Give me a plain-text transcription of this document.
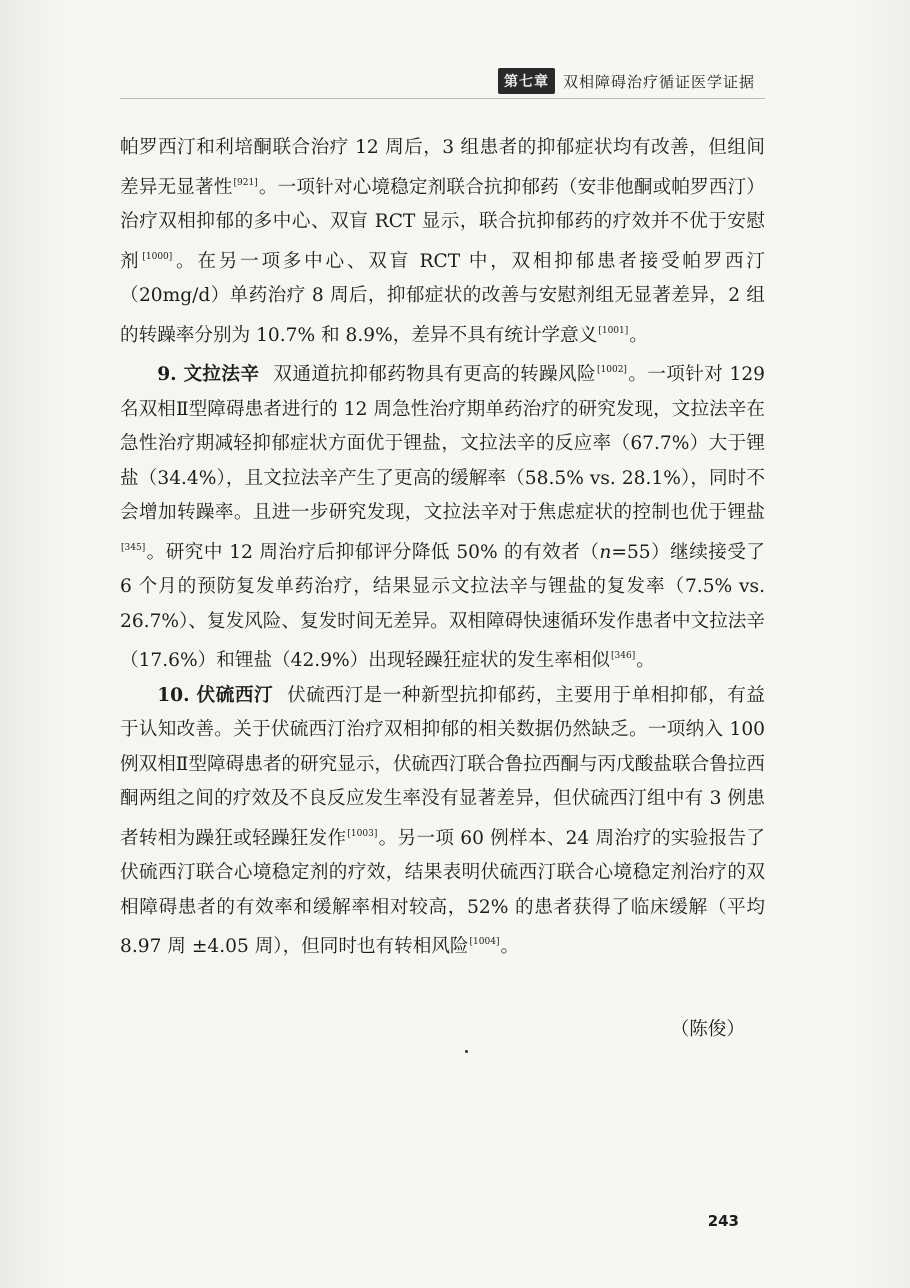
第七章 双相障碍治疗循证医学证据

帕罗西汀和利培酮联合治疗 12 周后，3 组患者的抑郁症状均有改善，但组间差异无显著性[921]。一项针对心境稳定剂联合抗抑郁药（安非他酮或帕罗西汀）治疗双相抑郁的多中心、双盲 RCT 显示，联合抗抑郁药的疗效并不优于安慰剂[1000]。在另一项多中心、双盲 RCT 中，双相抑郁患者接受帕罗西汀（20mg/d）单药治疗 8 周后，抑郁症状的改善与安慰剂组无显著差异，2 组的转躁率分别为 10.7% 和 8.9%，差异不具有统计学意义[1001]。

9. 文拉法辛 双通道抗抑郁药物具有更高的转躁风险[1002]。一项针对 129 名双相Ⅱ型障碍患者进行的 12 周急性治疗期单药治疗的研究发现，文拉法辛在急性治疗期减轻抑郁症状方面优于锂盐，文拉法辛的反应率（67.7%）大于锂盐（34.4%），且文拉法辛产生了更高的缓解率（58.5% vs. 28.1%），同时不会增加转躁率。且进一步研究发现，文拉法辛对于焦虑症状的控制也优于锂盐[345]。研究中 12 周治疗后抑郁评分降低 50% 的有效者（n=55）继续接受了 6 个月的预防复发单药治疗，结果显示文拉法辛与锂盐的复发率（7.5% vs. 26.7%）、复发风险、复发时间无差异。双相障碍快速循环发作患者中文拉法辛（17.6%）和锂盐（42.9%）出现轻躁狂症状的发生率相似[346]。

10. 伏硫西汀 伏硫西汀是一种新型抗抑郁药，主要用于单相抑郁，有益于认知改善。关于伏硫西汀治疗双相抑郁的相关数据仍然缺乏。一项纳入 100 例双相Ⅱ型障碍患者的研究显示，伏硫西汀联合鲁拉西酮与丙戊酸盐联合鲁拉西酮两组之间的疗效及不良反应发生率没有显著差异，但伏硫西汀组中有 3 例患者转相为躁狂或轻躁狂发作[1003]。另一项 60 例样本、24 周治疗的实验报告了伏硫西汀联合心境稳定剂的疗效，结果表明伏硫西汀联合心境稳定剂治疗的双相障碍患者的有效率和缓解率相对较高，52% 的患者获得了临床缓解（平均 8.97 周 ±4.05 周），但同时也有转相风险[1004]。

（陈俊）
243
